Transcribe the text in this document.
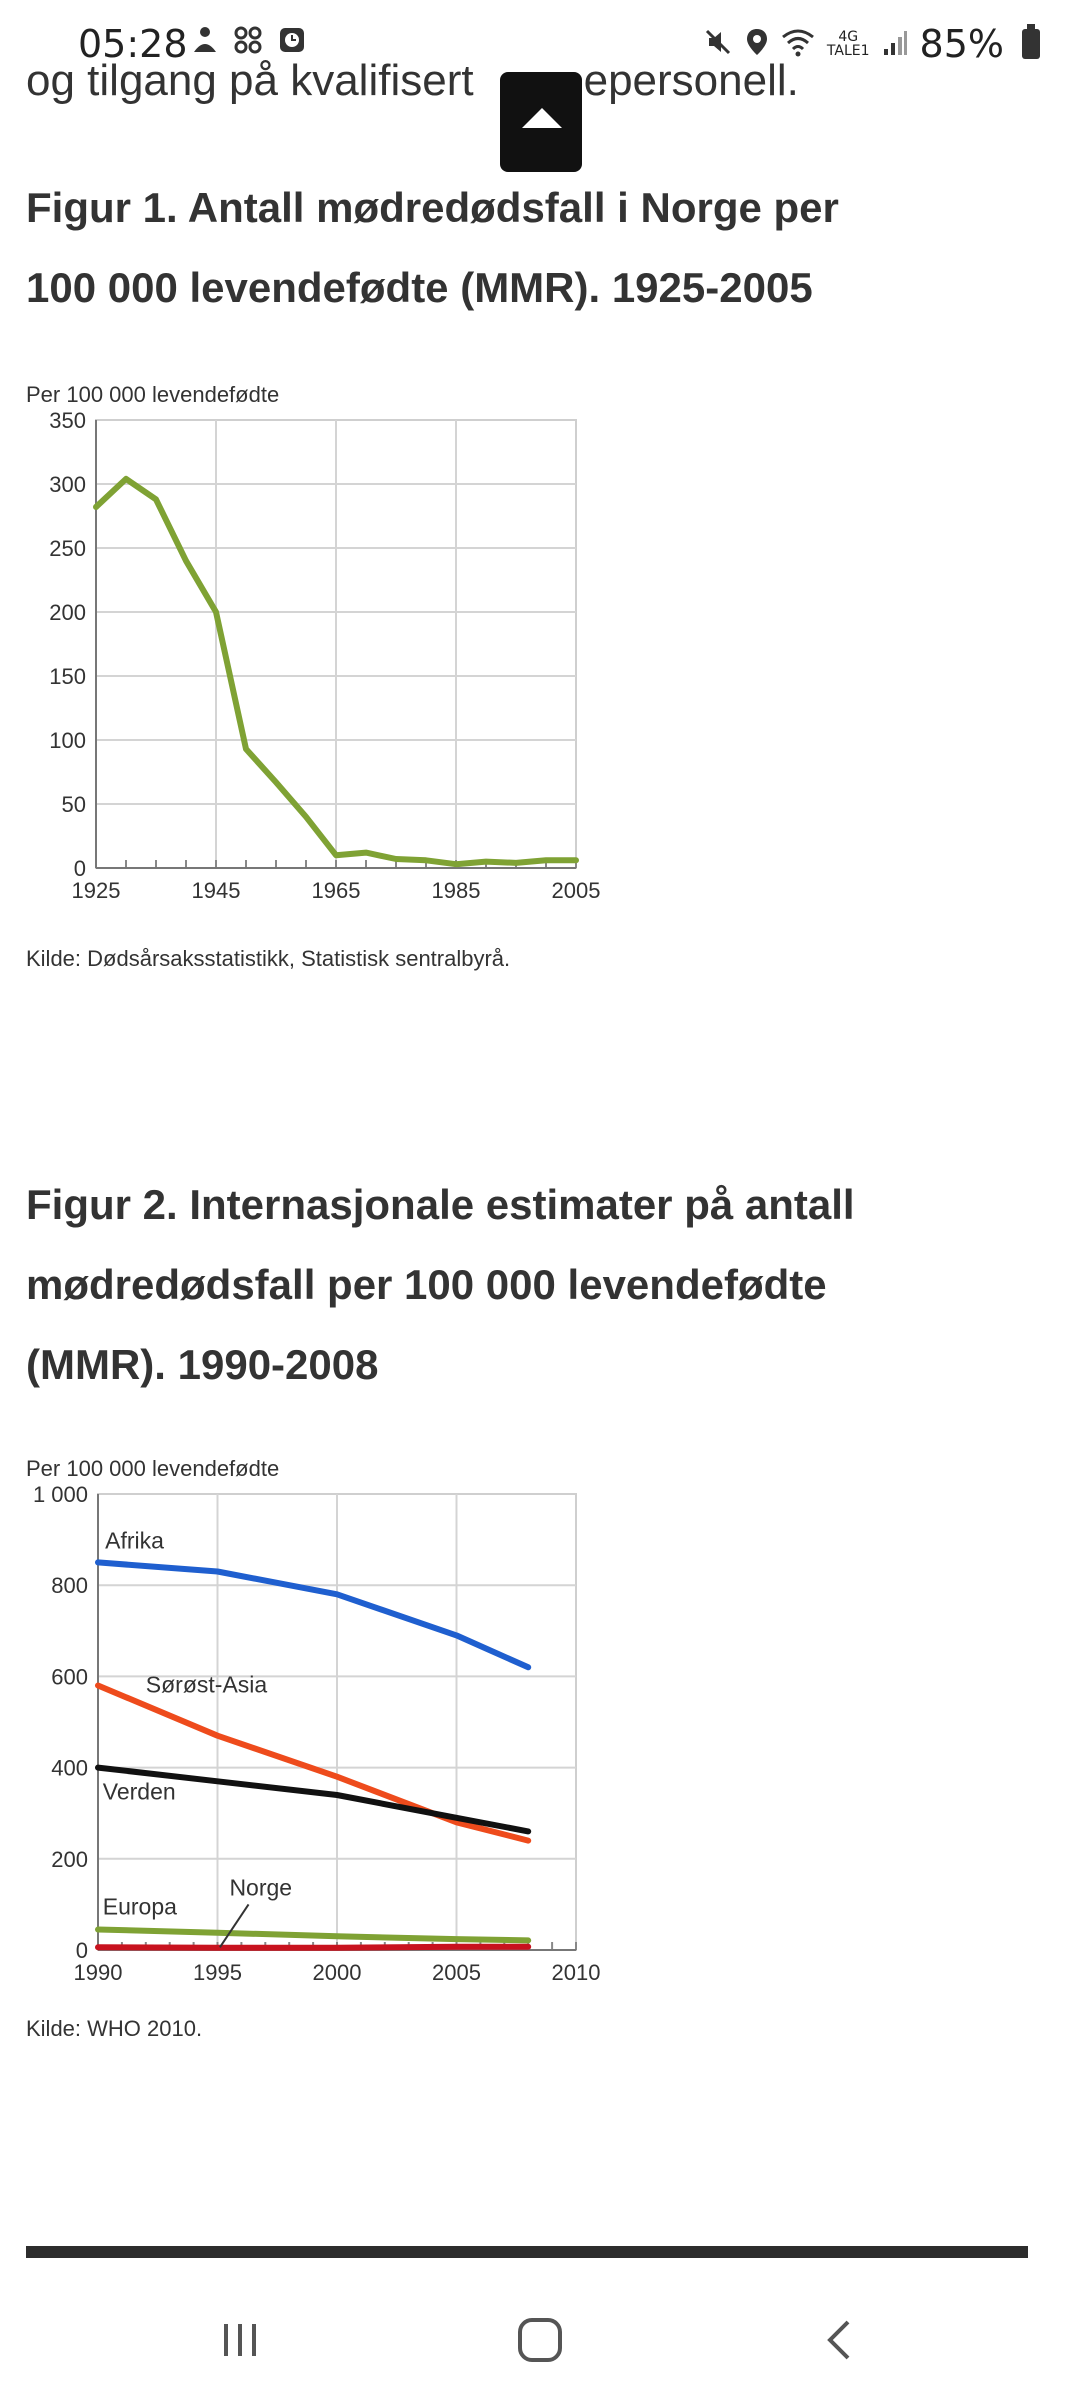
05:28	4G
TALE1 85%
og tilgang på kvalifisert	epersonell.
Figur 1. Antall mødredødsfall i Norge per
100 000 levendefødte (MMR). 1925-2005
Per 100 000 levendefødte
0
50
100
150
200
250
300
350
1925	1945	1965	1985	2005
Kilde: Dødsårsaksstatistikk, Statistisk sentralbyrå.
Figur 2. Internasjonale estimater på antall
mødredødsfall per 100 000 levendefødte
(MMR). 1990-2008
Per 100 000 levendefødte
0
200
400
600
800
1 000
1990	1995	2000	2005	2010
Afrika
Sørøst-Asia
Verden
Europa
Norge
Kilde: WHO 2010.
